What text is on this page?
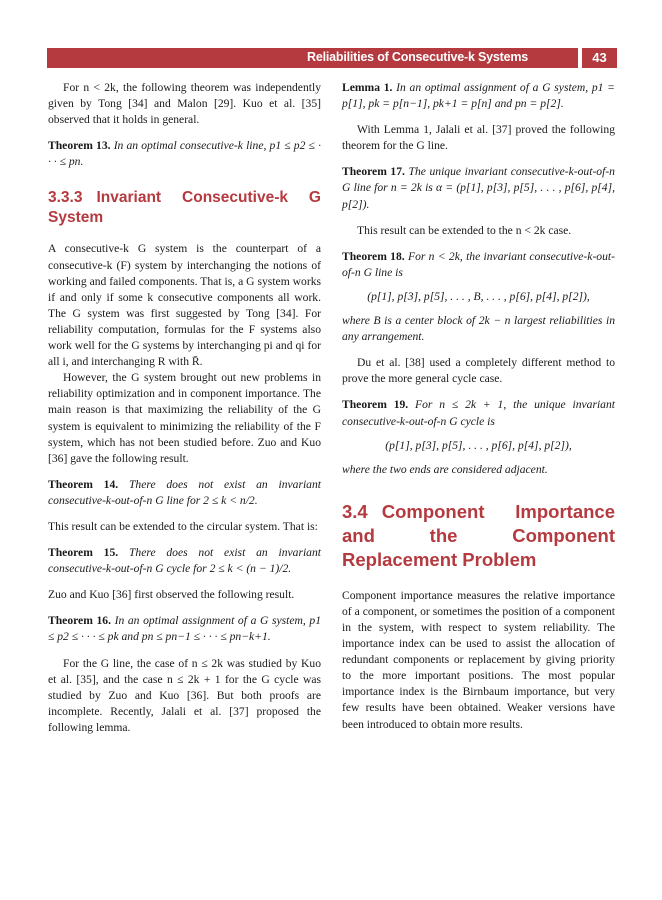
Reliabilities of Consecutive-k Systems	43

For n < 2k, the following theorem was independently given by Tong [34] and Malon [29]. Kuo et al. [35] observed that it holds in general.

Theorem 13. In an optimal consecutive-k line, p1 ≤ p2 ≤ · · · ≤ pn.

3.3.3 Invariant Consecutive-k G System

A consecutive-k G system is the counterpart of a consecutive-k (F) system by interchanging the notions of working and failed components. That is, a G system works if and only if some k consecutive components all work. The G system was first suggested by Tong [34]. For reliability computation, formulas for the F systems also work well for the G systems by interchanging pi and qi for all i, and interchanging R with R̄.

However, the G system brought out new problems in reliability optimization and in component importance. The main reason is that maximizing the reliability of the G system is equivalent to minimizing the reliability of the F system, which has not been studied before. Zuo and Kuo [36] gave the following result.

Theorem 14. There does not exist an invariant consecutive-k-out-of-n G line for 2 ≤ k < n/2.

This result can be extended to the circular system. That is:

Theorem 15. There does not exist an invariant consecutive-k-out-of-n G cycle for 2 ≤ k < (n − 1)/2.

Zuo and Kuo [36] first observed the following result.

Theorem 16. In an optimal assignment of a G system, p1 ≤ p2 ≤ · · · ≤ pk and pn ≤ pn−1 ≤ · · · ≤ pn−k+1.

For the G line, the case of n ≤ 2k was studied by Kuo et al. [35], and the case n ≤ 2k + 1 for the G cycle was studied by Zuo and Kuo [36]. But both proofs are incomplete. Recently, Jalali et al. [37] proposed the following lemma.

Lemma 1. In an optimal assignment of a G system, p1 = p[1], pk = p[n−1], pk+1 = p[n] and pn = p[2].

With Lemma 1, Jalali et al. [37] proved the following theorem for the G line.

Theorem 17. The unique invariant consecutive-k-out-of-n G line for n = 2k is α = (p[1], p[3], p[5], . . . , p[6], p[4], p[2]).

This result can be extended to the n < 2k case.

Theorem 18. For n < 2k, the invariant consecutive-k-out-of-n G line is

(p[1], p[3], p[5], . . . , B, . . . , p[6], p[4], p[2]),

where B is a center block of 2k − n largest reliabilities in any arrangement.

Du et al. [38] used a completely different method to prove the more general cycle case.

Theorem 19. For n ≤ 2k + 1, the unique invariant consecutive-k-out-of-n G cycle is

(p[1], p[3], p[5], . . . , p[6], p[4], p[2]),

where the two ends are considered adjacent.

3.4 Component Importance and the Component Replacement Problem

Component importance measures the relative importance of a component, or sometimes the position of a component in the system, with respect to system reliability. The importance index can be used to assist the allocation of redundant components or replacement by giving priority to the more important positions. The most popular importance index is the Birnbaum importance, but very few results have been obtained. Weaker versions have been introduced to obtain more results.
